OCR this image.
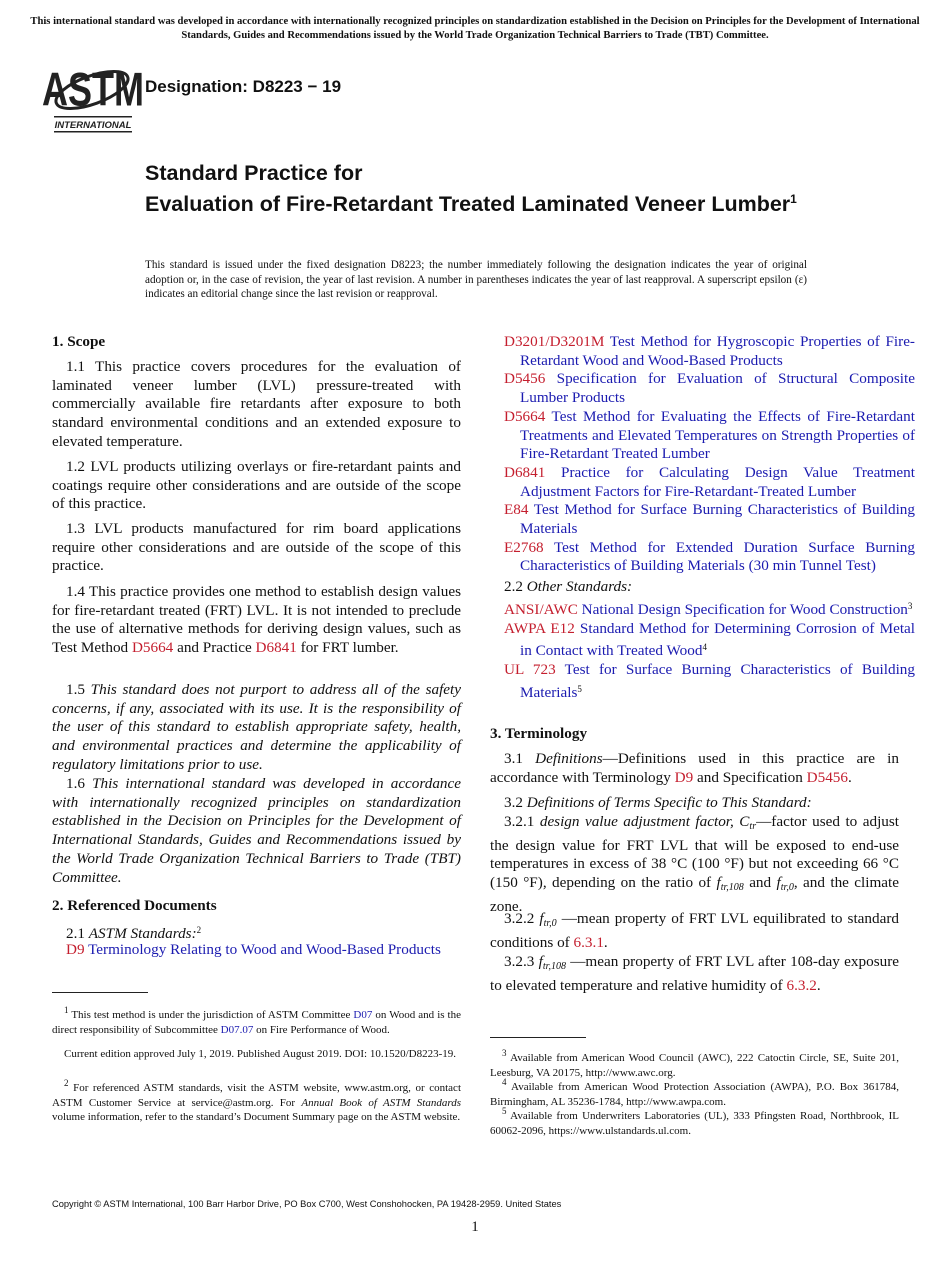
This international standard was developed in accordance with internationally recognized principles on standardization established in the Decision on Principles for the Development of International Standards, Guides and Recommendations issued by the World Trade Organization Technical Barriers to Trade (TBT) Committee.
ASTM
INTERNATIONAL
Designation: D8223 − 19
Standard Practice for
Evaluation of Fire-Retardant Treated Laminated Veneer Lumber$^1$
This standard is issued under the fixed designation D8223; the number immediately following the designation indicates the year of original adoption or, in the case of revision, the year of last revision. A number in parentheses indicates the year of last reapproval. A superscript epsilon (ε) indicates an editorial change since the last revision or reapproval.
1. Scope
1.1 This practice covers procedures for the evaluation of laminated veneer lumber (LVL) pressure-treated with commercially available fire retardants after exposure to both standard environmental conditions and an extended exposure to elevated temperature.
1.2 LVL products utilizing overlays or fire-retardant paints and coatings require other considerations and are outside of the scope of this practice.
1.3 LVL products manufactured for rim board applications require other considerations and are outside of the scope of this practice.
1.4 This practice provides one method to establish design values for fire-retardant treated (FRT) LVL. It is not intended to preclude the use of alternative methods for deriving design values, such as Test Method D5664 and Practice D6841 for FRT lumber.
1.5 This standard does not purport to address all of the safety concerns, if any, associated with its use. It is the responsibility of the user of this standard to establish appropriate safety, health, and environmental practices and determine the applicability of regulatory limitations prior to use.
1.6 This international standard was developed in accordance with internationally recognized principles on standardization established in the Decision on Principles for the Development of International Standards, Guides and Recommendations issued by the World Trade Organization Technical Barriers to Trade (TBT) Committee.
2. Referenced Documents
2.1 ASTM Standards:$^2$
D9 Terminology Relating to Wood and Wood-Based Products
$^1$ This test method is under the jurisdiction of ASTM Committee D07 on Wood and is the direct responsibility of Subcommittee D07.07 on Fire Performance of Wood.
Current edition approved July 1, 2019. Published August 2019. DOI: 10.1520/D8223-19.
$^2$ For referenced ASTM standards, visit the ASTM website, www.astm.org, or contact ASTM Customer Service at service@astm.org. For Annual Book of ASTM Standards volume information, refer to the standard’s Document Summary page on the ASTM website.
D3201/D3201M Test Method for Hygroscopic Properties of Fire-Retardant Wood and Wood-Based Products
D5456 Specification for Evaluation of Structural Composite Lumber Products
D5664 Test Method for Evaluating the Effects of Fire-Retardant Treatments and Elevated Temperatures on Strength Properties of Fire-Retardant Treated Lumber
D6841 Practice for Calculating Design Value Treatment Adjustment Factors for Fire-Retardant-Treated Lumber
E84 Test Method for Surface Burning Characteristics of Building Materials
E2768 Test Method for Extended Duration Surface Burning Characteristics of Building Materials (30 min Tunnel Test)
2.2 Other Standards:
ANSI/AWC National Design Specification for Wood Construction$^3$
AWPA E12 Standard Method for Determining Corrosion of Metal in Contact with Treated Wood$^4$
UL 723 Test for Surface Burning Characteristics of Building Materials$^5$
3. Terminology
3.1 Definitions—Definitions used in this practice are in accordance with Terminology D9 and Specification D5456.
3.2 Definitions of Terms Specific to This Standard:
3.2.1 design value adjustment factor, $C_{tr}—factor$ used to adjust the design value for FRT LVL that will be exposed to end-use temperatures in excess of 38 °C (100 °F) but not exceeding 66 °C (150 °F), depending on the ratio of $f_{tr,108}$ and $f_{tr,0}$, and the climate zone.
3.2.2 $f_{tr,0}$ —mean property of FRT LVL equilibrated to standard conditions of 6.3.1.
3.2.3 $f_{tr,108}$ —mean property of FRT LVL after 108-day exposure to elevated temperature and relative humidity of 6.3.2.
$^3$ Available from American Wood Council (AWC), 222 Catoctin Circle, SE, Suite 201, Leesburg, VA 20175, http://www.awc.org.
$^4$ Available from American Wood Protection Association (AWPA), P.O. Box 361784, Birmingham, AL 35236-1784, http://www.awpa.com.
$^5$ Available from Underwriters Laboratories (UL), 333 Pfingsten Road, Northbrook, IL 60062-2096, https://www.ulstandards.ul.com.
Copyright © ASTM International, 100 Barr Harbor Drive, PO Box C700, West Conshohocken, PA 19428-2959. United States
1
